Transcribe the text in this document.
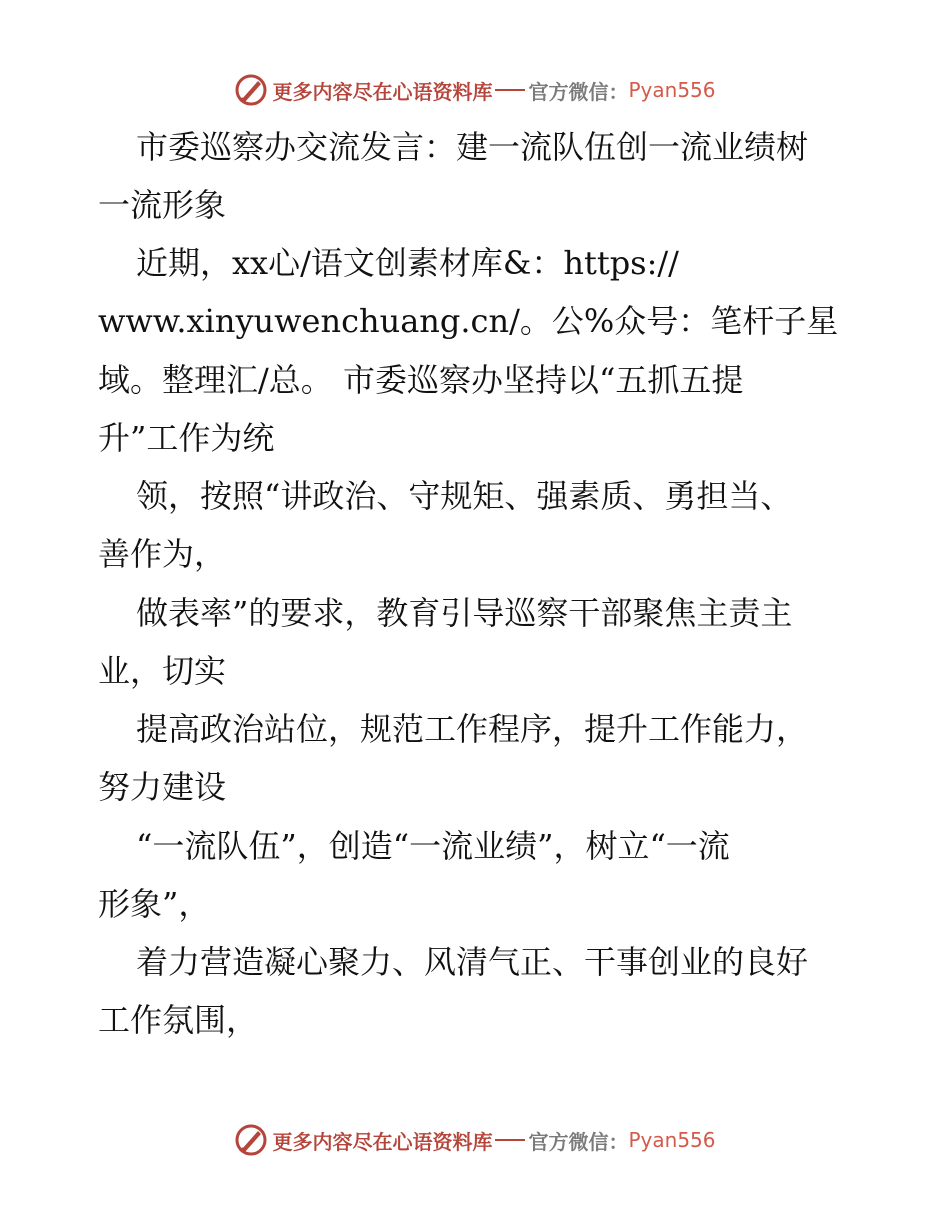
更多内容尽在心语资料库 官方微信： Pyan556
市委巡察办交流发言：建一流队伍创一流业绩树
一流形象
近期，xx心/语文创素材库&：https://
www.xinyuwenchuang.cn/。公%众号：笔杆子星
域。整理汇/总。 市委巡察办坚持以“五抓五提
升”工作为统
领，按照“讲政治、守规矩、强素质、勇担当、
善作为，
做表率”的要求，教育引导巡察干部聚焦主责主
业，切实
提高政治站位，规范工作程序，提升工作能力，
努力建设
“一流队伍”，创造“一流业绩”，树立“一流
形象”，
着力营造凝心聚力、风清气正、干事创业的良好
工作氛围，
更多内容尽在心语资料库 官方微信： Pyan556
